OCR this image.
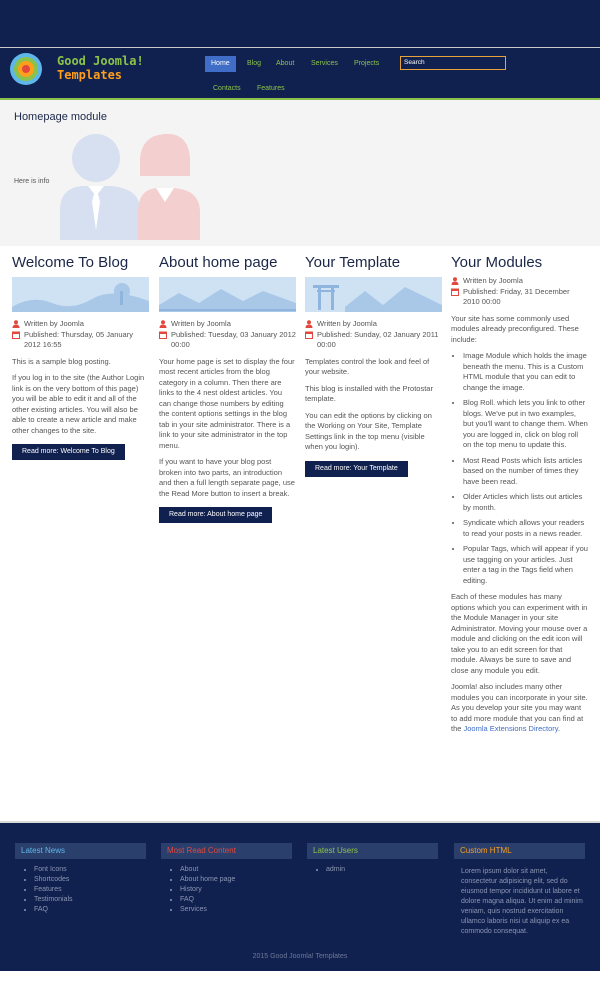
Good Joomla!
Templates
Home	Blog	About	Services	Projects
Contacts	Features
Search
Homepage module
Here is info
Welcome To Blog
Written by Joomla
Published: Thursday, 05 January 2012 16:55

This is a sample blog posting.

If you log in to the site (the Author Login link is on the very bottom of this page) you will be able to edit it and all of the other existing articles. You will also be able to create a new article and make other changes to the site.

Read more: Welcome To Blog
About home page
Written by Joomla
Published: Tuesday, 03 January 2012 00:00

Your home page is set to display the four most recent articles from the blog category in a column. Then there are links to the 4 nest oldest articles. You can change those numbers by editing the content options settings in the blog tab in your site administrator. There is a link to your site administrator in the top menu.

If you want to have your blog post broken into two parts, an introduction and then a full length separate page, use the Read More button to insert a break.

Read more: About home page
Your Template
Written by Joomla
Published: Sunday, 02 January 2011 00:00

Templates control the look and feel of your website.

This blog is installed with the Protostar template.

You can edit the options by clicking on the Working on Your Site, Template Settings link in the top menu (visible when you login).

Read more: Your Template
Your Modules
Written by Joomla
Published: Friday, 31 December 2010 00:00

Your site has some commonly used modules already preconfigured. These include:

• Image Module which holds the image beneath the menu. This is a Custom HTML module that you can edit to change the image.
• Blog Roll. which lets you link to other blogs. We've put in two examples, but you'll want to change them. When you are logged in, click on blog roll on the top menu to update this.
• Most Read Posts which lists articles based on the number of times they have been read.
• Older Articles which lists out articles by month.
• Syndicate which allows your readers to read your posts in a news reader.
• Popular Tags, which will appear if you use tagging on your articles. Just enter a tag in the Tags field when editing.

Each of these modules has many options which you can experiment with in the Module Manager in your site Administrator. Moving your mouse over a module and clicking on the edit icon will take you to an edit screen for that module. Always be sure to save and close any module you edit.

Joomla! also includes many other modules you can incorporate in your site. As you develop your site you may want to add more module that you can find at the Joomla Extensions Directory.

Latest News
• Font Icons
• Shortcodes
• Features
• Testimonials
• FAQ
Most Read Content
• About
• About home page
• History
• FAQ
• Services
Latest Users
• admin
Custom HTML
Lorem ipsum dolor sit amet, consectetur adipisicing elit, sed do eiusmod tempor incididunt ut labore et dolore magna aliqua. Ut enim ad minim veniam, quis nostrud exercitation ullamco laboris nisi ut aliquip ex ea commodo consequat.
2015 Good Joomla! Templates
